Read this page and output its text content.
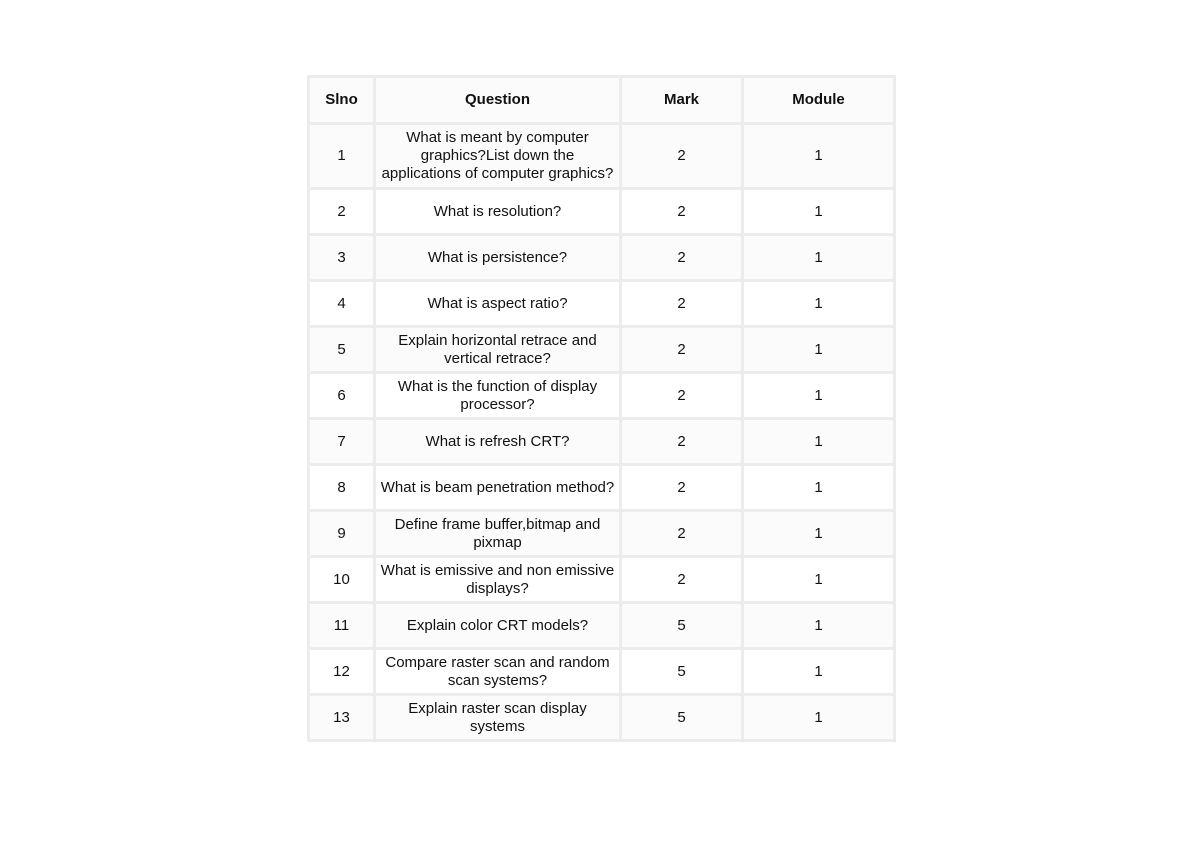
Slno	Question	Mark	Module
1	What is meant by computer graphics?List down the applications of computer graphics?	2	1
2	What is resolution?	2	1
3	What is persistence?	2	1
4	What is aspect ratio?	2	1
5	Explain horizontal retrace and vertical retrace?	2	1
6	What is the function of display processor?	2	1
7	What is refresh CRT?	2	1
8	What is beam penetration method?	2	1
9	Define frame buffer,bitmap and pixmap	2	1
10	What is emissive and non emissive displays?	2	1
11	Explain color CRT models?	5	1
12	Compare raster scan and random scan systems?	5	1
13	Explain raster scan display systems	5	1
